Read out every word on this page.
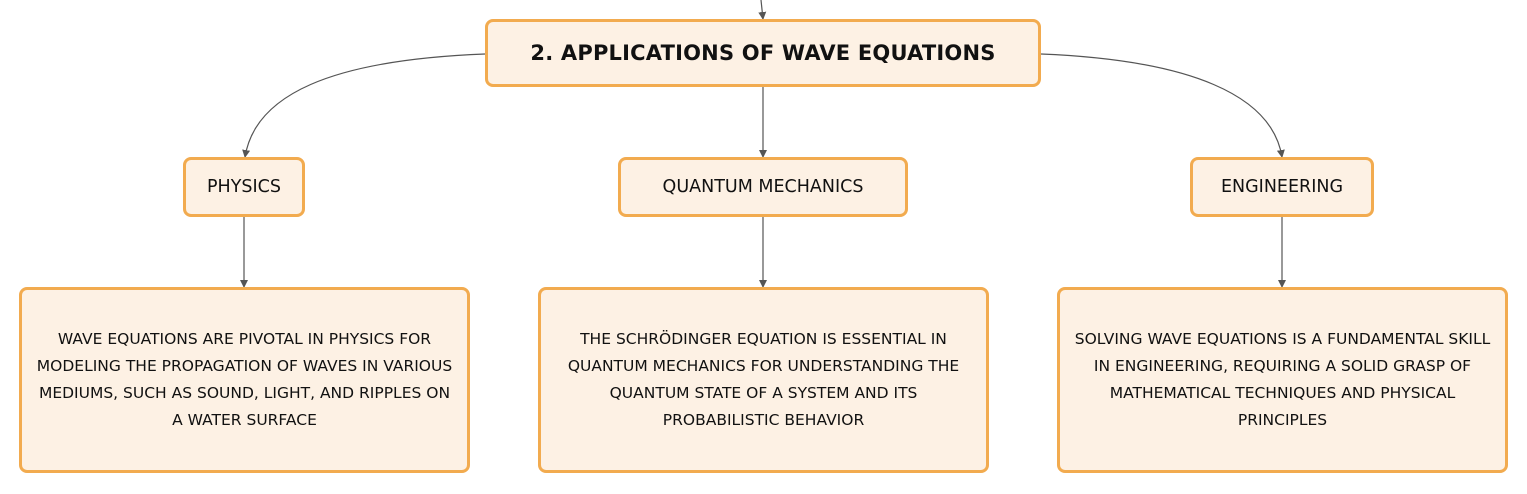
2. APPLICATIONS OF WAVE EQUATIONS
PHYSICS	QUANTUM MECHANICS	ENGINEERING
WAVE EQUATIONS ARE PIVOTAL IN PHYSICS FOR MODELING THE PROPAGATION OF WAVES IN VARIOUS MEDIUMS, SUCH AS SOUND, LIGHT, AND RIPPLES ON A WATER SURFACE
THE SCHRÖDINGER EQUATION IS ESSENTIAL IN QUANTUM MECHANICS FOR UNDERSTANDING THE QUANTUM STATE OF A SYSTEM AND ITS PROBABILISTIC BEHAVIOR
SOLVING WAVE EQUATIONS IS A FUNDAMENTAL SKILL IN ENGINEERING, REQUIRING A SOLID GRASP OF MATHEMATICAL TECHNIQUES AND PHYSICAL PRINCIPLES
